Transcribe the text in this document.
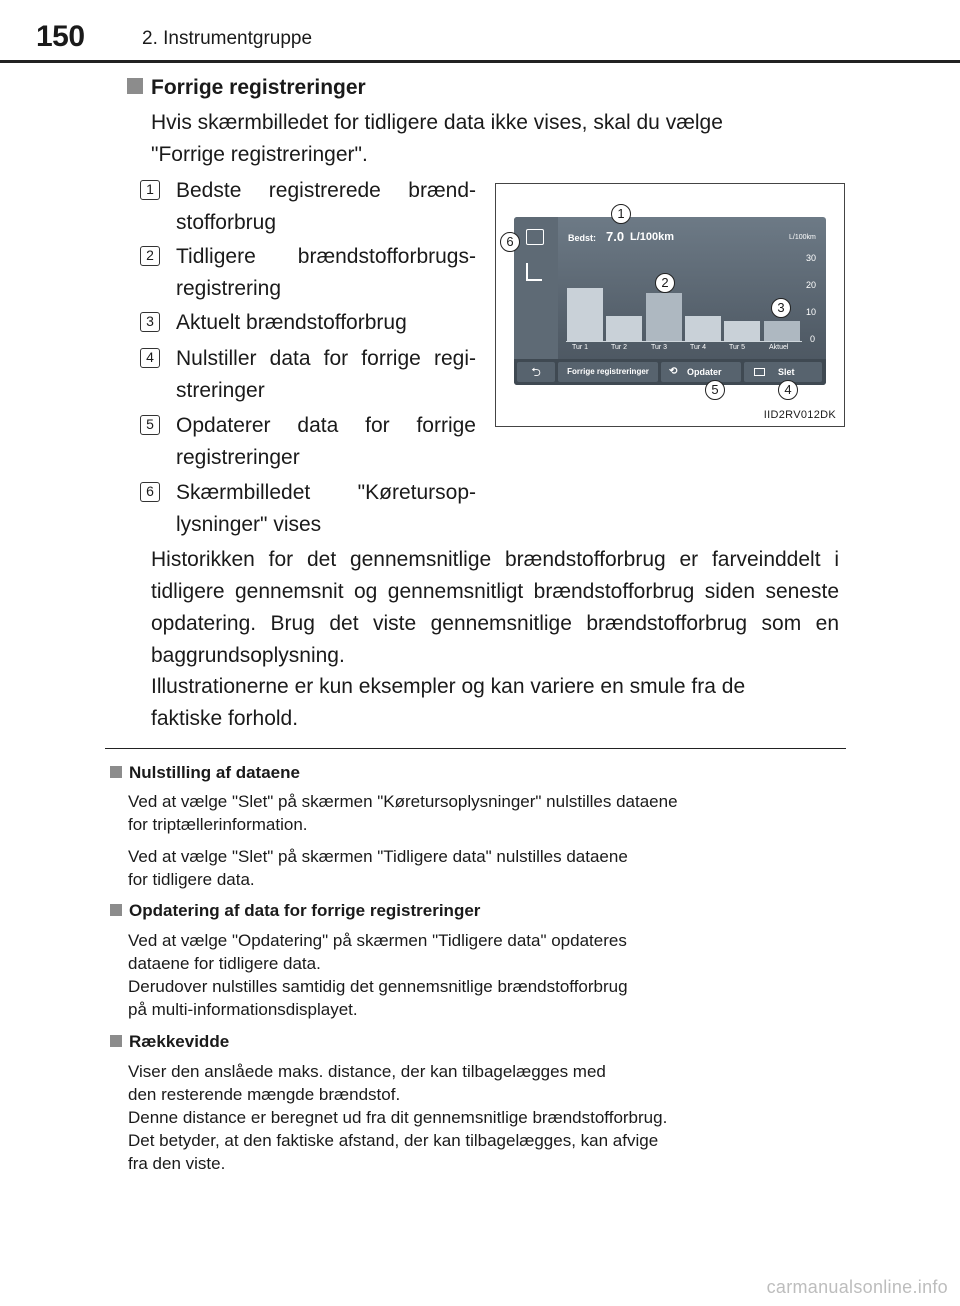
150	2. Instrumentgruppe
Forrige registreringer
Hvis skærmbilledet for tidligere data ikke vises, skal du vælge "Forrige registreringer".
1 Bedste registrerede brændstofforbrug
2 Tidligere brændstofforbrugsregistrering
3 Aktuelt brændstofforbrug
4 Nulstiller data for forrige registreringer
5 Opdaterer data for forrige registreringer
6 Skærmbilledet "Køretursoplysninger" vises
Bedst: 7.0 L/100km	L/100km
30
20
10
0
Tur 1	Tur 2	Tur 3	Tur 4	Tur 5	Aktuel
⮌	Forrige registreringer	⟲ Opdater	Slet
1
2
3
4
5
6
IID2RV012DK
Historikken for det gennemsnitlige brændstofforbrug er farveinddelt i tidligere gennemsnit og gennemsnitligt brændstofforbrug siden seneste opdatering. Brug det viste gennemsnitlige brændstofforbrug som en baggrundsoplysning.
Illustrationerne er kun eksempler og kan variere en smule fra de faktiske forhold.
Nulstilling af dataene
Ved at vælge "Slet" på skærmen "Køretursoplysninger" nulstilles dataene
for triptællerinformation.
Ved at vælge "Slet" på skærmen "Tidligere data" nulstilles dataene
for tidligere data.
Opdatering af data for forrige registreringer
Ved at vælge "Opdatering" på skærmen "Tidligere data" opdateres
dataene for tidligere data.
Derudover nulstilles samtidig det gennemsnitlige brændstofforbrug
på multi-informationsdisplayet.
Rækkevidde
Viser den anslåede maks. distance, der kan tilbagelægges med
den resterende mængde brændstof.
Denne distance er beregnet ud fra dit gennemsnitlige brændstofforbrug.
Det betyder, at den faktiske afstand, der kan tilbagelægges, kan afvige
fra den viste.
carmanualsonline.info
